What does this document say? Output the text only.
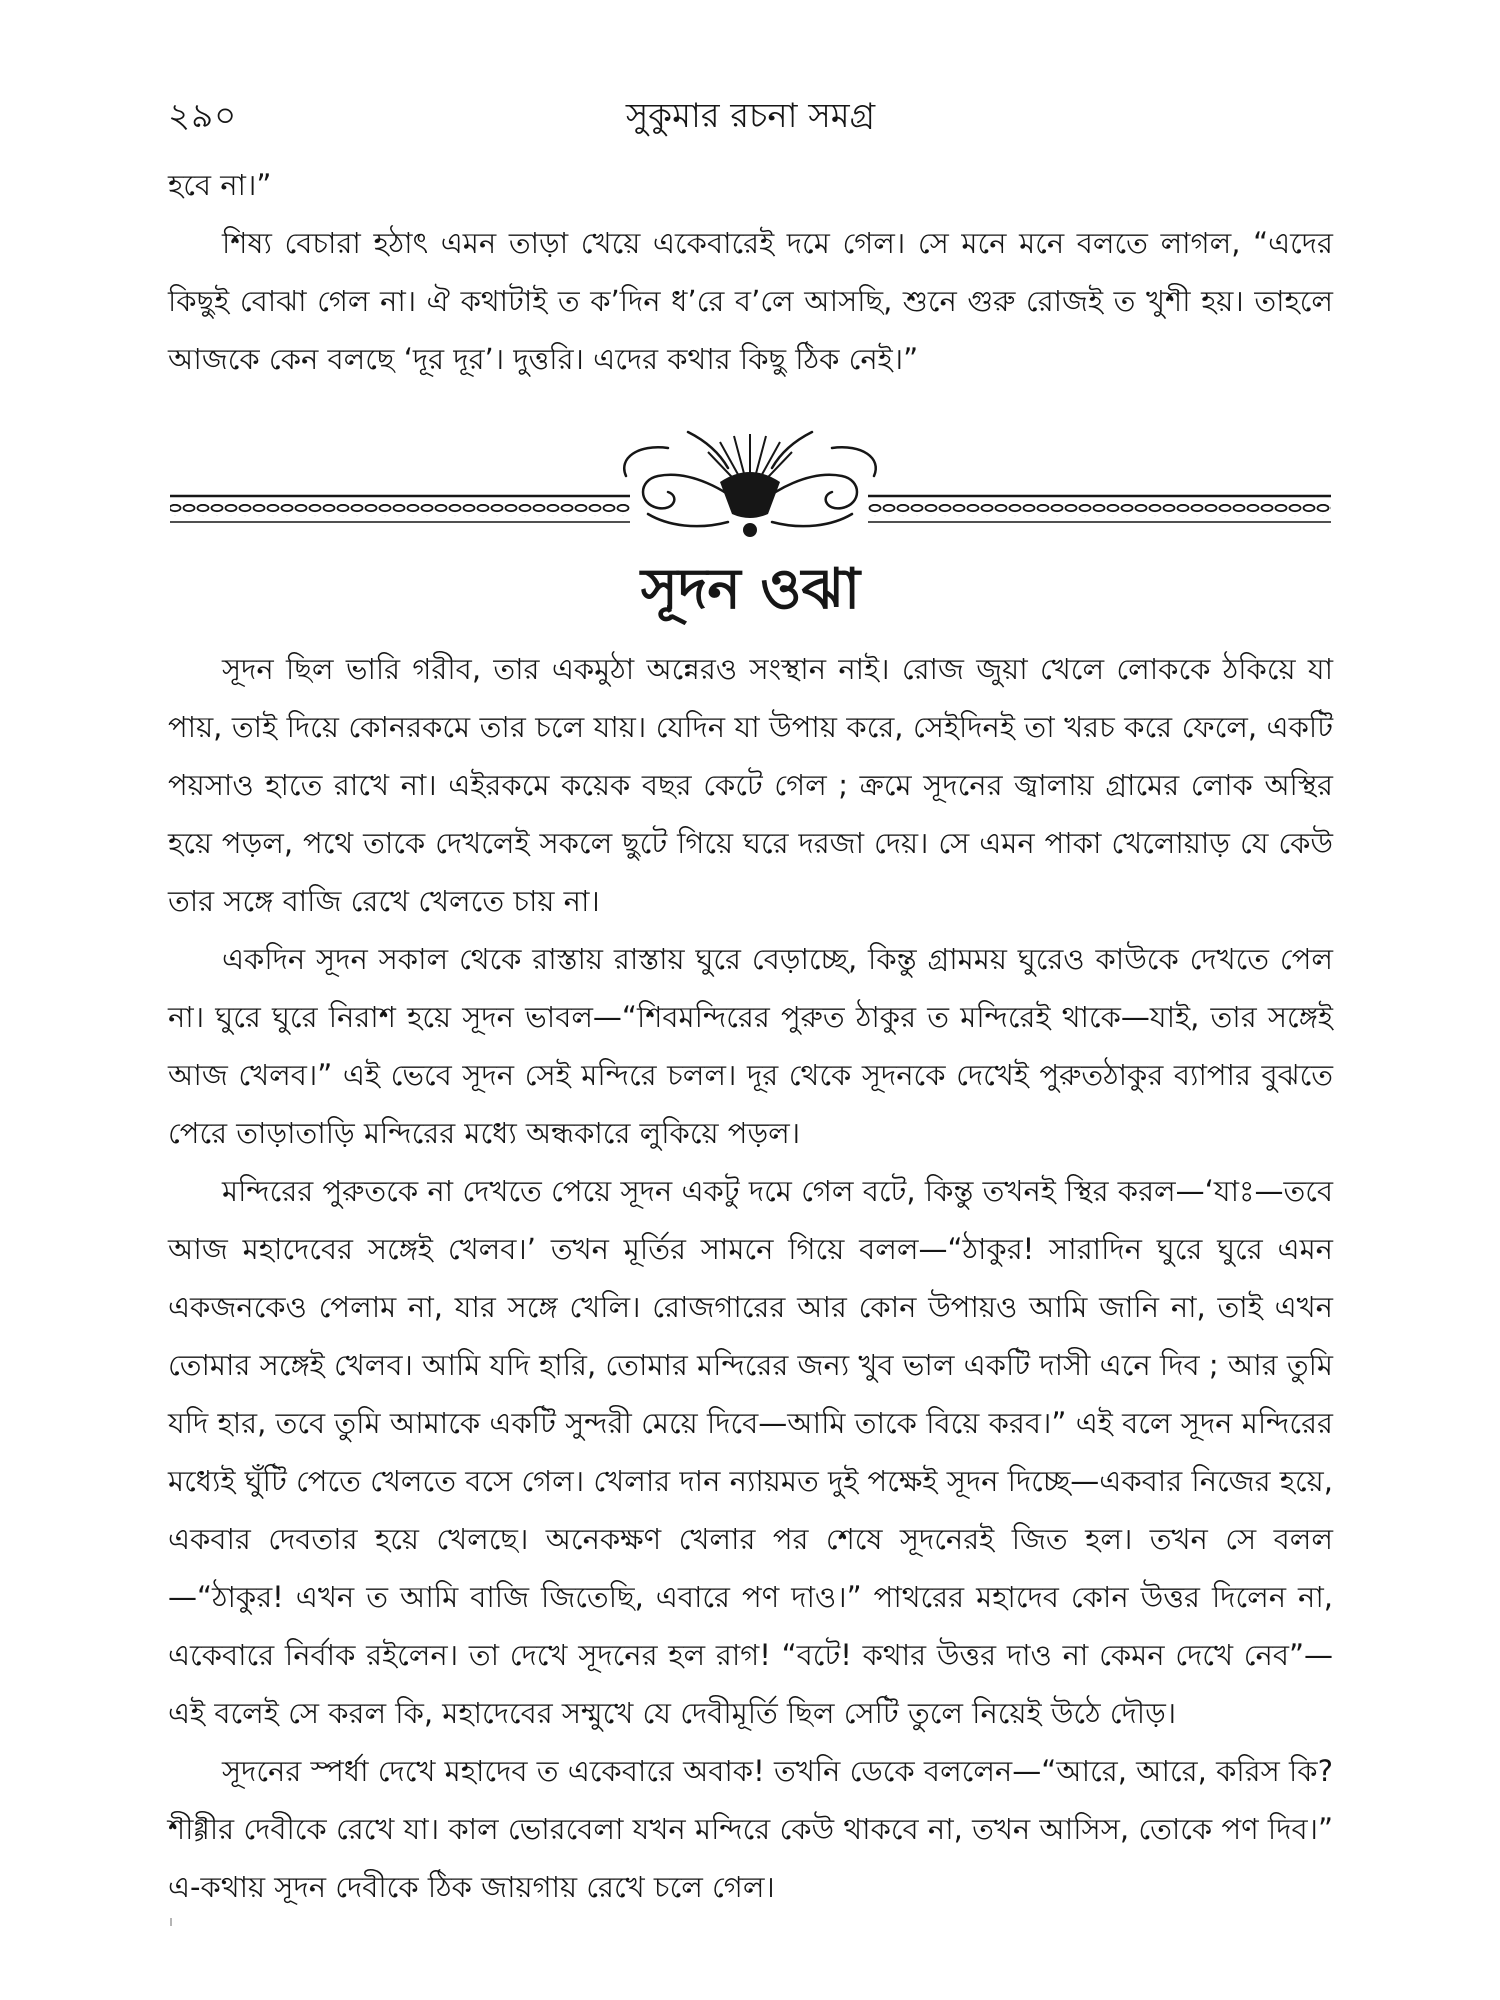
২৯০	সুকুমার রচনা সমগ্র

হবে না।”

শিষ্য বেচারা হঠাৎ এমন তাড়া খেয়ে একেবারেই দমে গেল। সে মনে মনে বলতে লাগল, “এদের কিছুই বোঝা গেল না। ঐ কথাটাই ত ক’দিন ধ’রে ব’লে আসছি, শুনে গুরু রোজই ত খুশী হয়। তাহলে আজকে কেন বলছে ‘দূর দূর’। দুত্তরি। এদের কথার কিছু ঠিক নেই।”

সূদন ওঝা

সূদন ছিল ভারি গরীব, তার একমুঠা অন্নেরও সংস্থান নাই। রোজ জুয়া খেলে লোককে ঠকিয়ে যা পায়, তাই দিয়ে কোনরকমে তার চলে যায়। যেদিন যা উপায় করে, সেইদিনই তা খরচ করে ফেলে, একটি পয়সাও হাতে রাখে না। এইরকমে কয়েক বছর কেটে গেল ; ক্রমে সূদনের জ্বালায় গ্রামের লোক অস্থির হয়ে পড়ল, পথে তাকে দেখলেই সকলে ছুটে গিয়ে ঘরে দরজা দেয়। সে এমন পাকা খেলোয়াড় যে কেউ তার সঙ্গে বাজি রেখে খেলতে চায় না।

একদিন সূদন সকাল থেকে রাস্তায় রাস্তায় ঘুরে বেড়াচ্ছে, কিন্তু গ্রামময় ঘুরেও কাউকে দেখতে পেল না। ঘুরে ঘুরে নিরাশ হয়ে সূদন ভাবল—“শিবমন্দিরের পুরুত ঠাকুর ত মন্দিরেই থাকে—যাই, তার সঙ্গেই আজ খেলব।” এই ভেবে সূদন সেই মন্দিরে চলল। দূর থেকে সূদনকে দেখেই পুরুতঠাকুর ব্যাপার বুঝতে পেরে তাড়াতাড়ি মন্দিরের মধ্যে অন্ধকারে লুকিয়ে পড়ল।

মন্দিরের পুরুতকে না দেখতে পেয়ে সূদন একটু দমে গেল বটে, কিন্তু তখনই স্থির করল—‘যাঃ—তবে আজ মহাদেবের সঙ্গেই খেলব।’ তখন মূর্তির সামনে গিয়ে বলল—“ঠাকুর! সারাদিন ঘুরে ঘুরে এমন একজনকেও পেলাম না, যার সঙ্গে খেলি। রোজগারের আর কোন উপায়ও আমি জানি না, তাই এখন তোমার সঙ্গেই খেলব। আমি যদি হারি, তোমার মন্দিরের জন্য খুব ভাল একটি দাসী এনে দিব ; আর তুমি যদি হার, তবে তুমি আমাকে একটি সুন্দরী মেয়ে দিবে—আমি তাকে বিয়ে করব।” এই বলে সূদন মন্দিরের মধ্যেই ঘুঁটি পেতে খেলতে বসে গেল। খেলার দান ন্যায়মত দুই পক্ষেই সূদন দিচ্ছে—একবার নিজের হয়ে, একবার দেবতার হয়ে খেলছে। অনেকক্ষণ খেলার পর শেষে সূদনেরই জিত হল। তখন সে বলল—“ঠাকুর! এখন ত আমি বাজি জিতেছি, এবারে পণ দাও।” পাথরের মহাদেব কোন উত্তর দিলেন না, একেবারে নির্বাক রইলেন। তা দেখে সূদনের হল রাগ! “বটে! কথার উত্তর দাও না কেমন দেখে নেব”—এই বলেই সে করল কি, মহাদেবের সম্মুখে যে দেবীমূর্তি ছিল সেটি তুলে নিয়েই উঠে দৌড়।

সূদনের স্পর্ধা দেখে মহাদেব ত একেবারে অবাক! তখনি ডেকে বললেন—“আরে, আরে, করিস কি? শীগ্গীর দেবীকে রেখে যা। কাল ভোরবেলা যখন মন্দিরে কেউ থাকবে না, তখন আসিস, তোকে পণ দিব।” এ-কথায় সূদন দেবীকে ঠিক জায়গায় রেখে চলে গেল।
